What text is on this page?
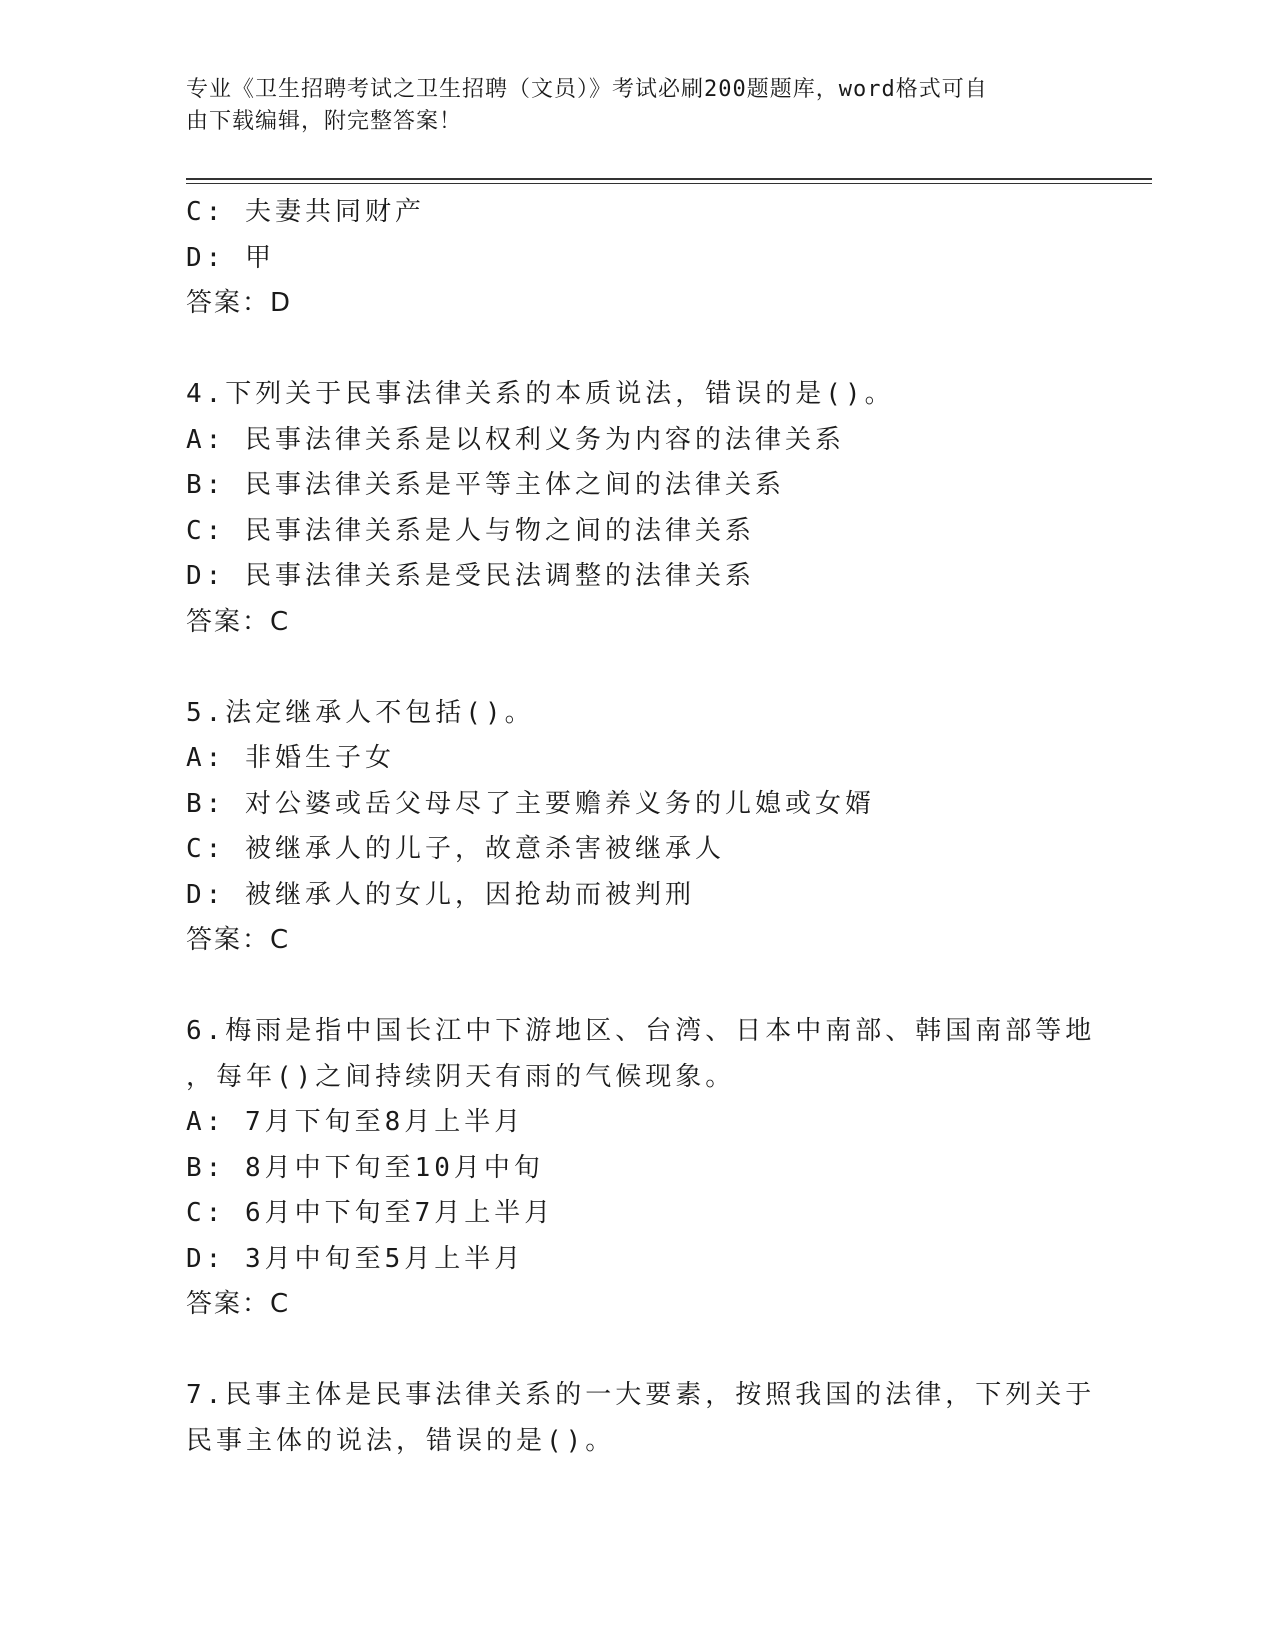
专业《卫生招聘考试之卫生招聘（文员）》考试必刷200题题库，word格式可自
由下载编辑，附完整答案！
C: 夫妻共同财产
D: 甲
答案：D
4.下列关于民事法律关系的本质说法，错误的是()。
A: 民事法律关系是以权利义务为内容的法律关系
B: 民事法律关系是平等主体之间的法律关系
C: 民事法律关系是人与物之间的法律关系
D: 民事法律关系是受民法调整的法律关系
答案：C
5.法定继承人不包括()。
A: 非婚生子女
B: 对公婆或岳父母尽了主要赡养义务的儿媳或女婿
C: 被继承人的儿子，故意杀害被继承人
D: 被继承人的女儿，因抢劫而被判刑
答案：C
6.梅雨是指中国长江中下游地区、台湾、日本中南部、韩国南部等地
，每年()之间持续阴天有雨的气候现象。
A: 7月下旬至8月上半月
B: 8月中下旬至10月中旬
C: 6月中下旬至7月上半月
D: 3月中旬至5月上半月
答案：C
7.民事主体是民事法律关系的一大要素，按照我国的法律，下列关于
民事主体的说法，错误的是()。
